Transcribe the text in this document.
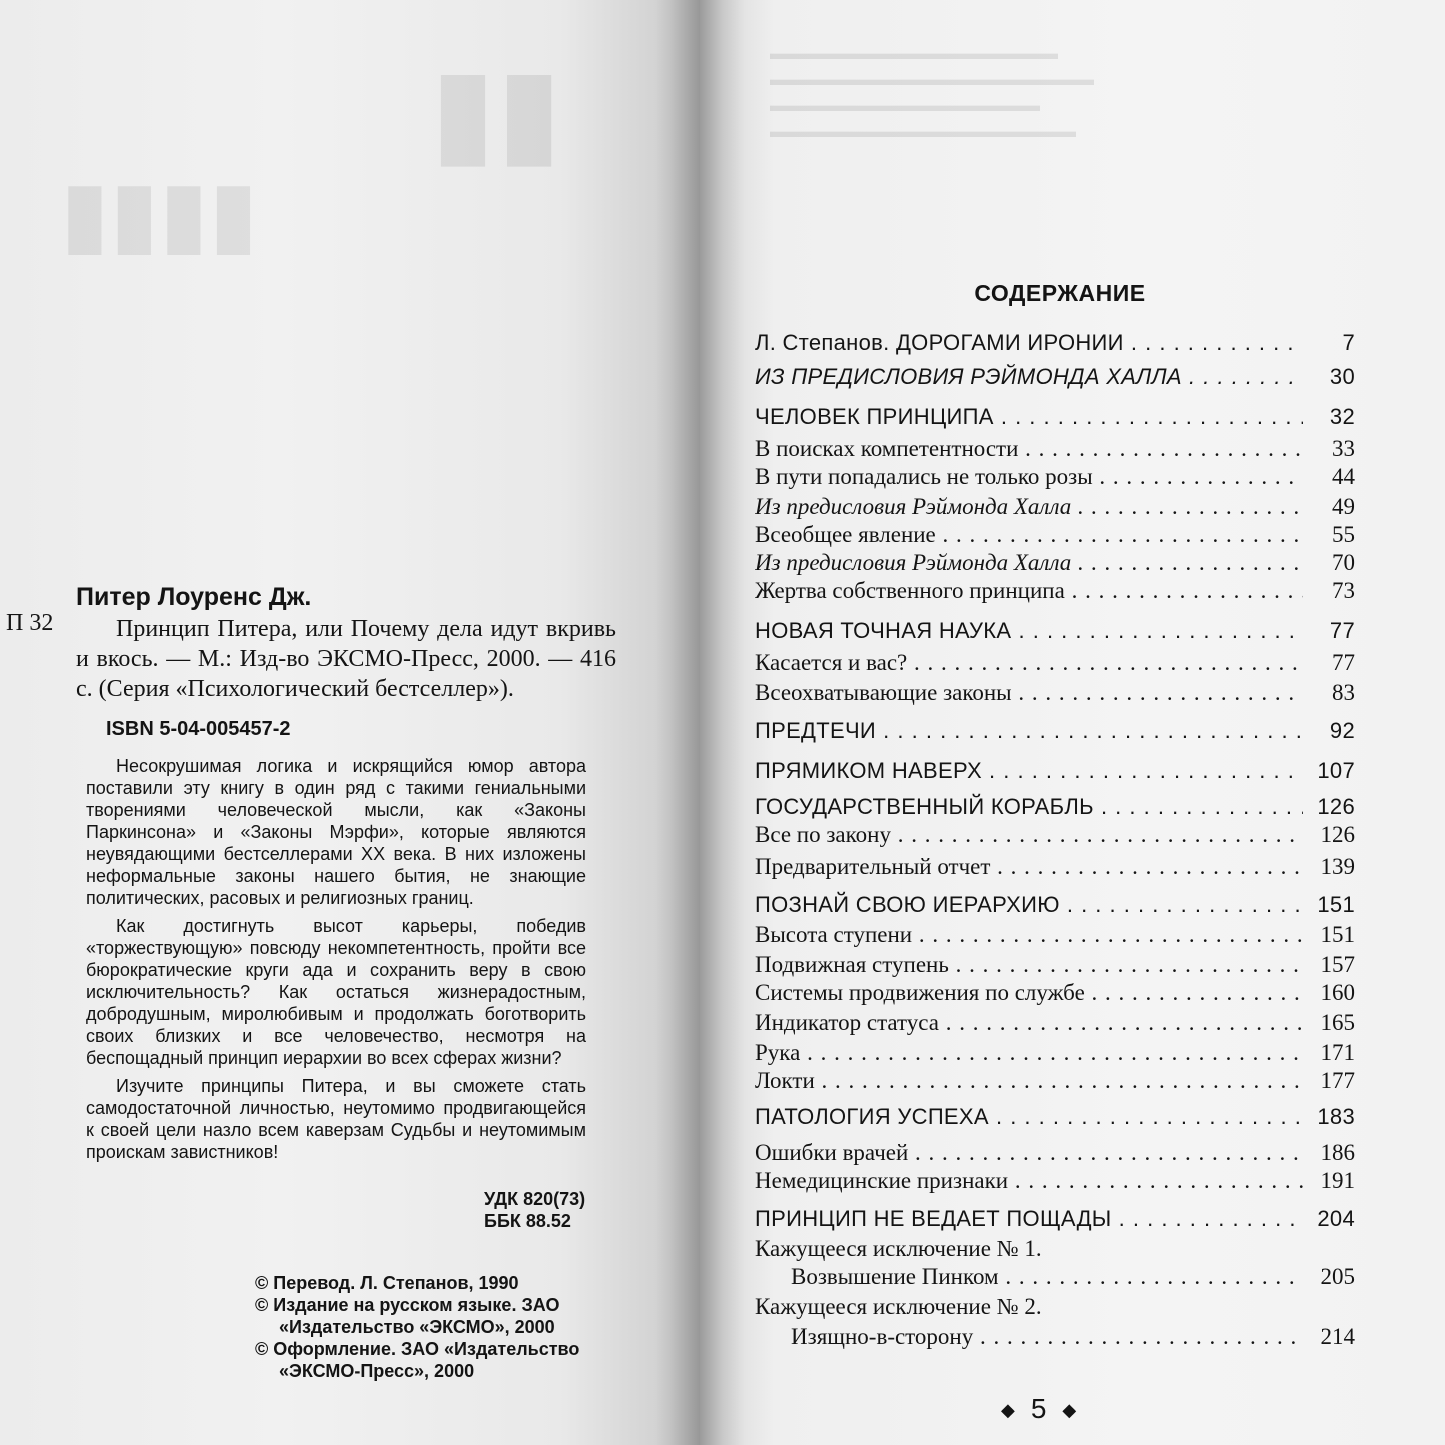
П 32
Питер Лоуренс Дж.

Принцип Питера, или Почему дела идут вкривь и вкось. — М.: Изд-во ЭКСМО-Пресс, 2000. — 416 с. (Серия «Психологический бестселлер»).

ISBN 5-04-005457-2

Несокрушимая логика и искрящийся юмор автора поставили эту книгу в один ряд с такими гениальными творениями человеческой мысли, как «Законы Паркинсона» и «Законы Мэрфи», которые являются неувядающими бестселлерами XX века. В них изложены неформальные законы нашего бытия, не знающие политических, расовых и религиозных границ.

Как достигнуть высот карьеры, победив «торжествующую» повсюду некомпетентность, пройти все бюрократические круги ада и сохранить веру в свою исключительность? Как остаться жизнерадостным, добродушным, миролюбивым и продолжать боготворить своих близких и все человечество, несмотря на беспощадный принцип иерархии во всех сферах жизни?

Изучите принципы Питера, и вы сможете стать самодостаточной личностью, неутомимо продвигающейся к своей цели назло всем каверзам Судьбы и неутомимым проискам завистников!

УДК 820(73)
ББК 88.52
© Перевод. Л. Степанов, 1990
© Издание на русском языке. ЗАО
«Издательство «ЭКСМО», 2000
© Оформление. ЗАО «Издательство
«ЭКСМО-Пресс», 2000
СОДЕРЖАНИЕ
Л. Степанов. ДОРОГАМИ ИРОНИИ . . .	7
ИЗ ПРЕДИСЛОВИЯ РЭЙМОНДА ХАЛЛА . . .	30
ЧЕЛОВЕК ПРИНЦИПА . . .	32
В поисках компетентности . . .	33
В пути попадались не только розы . . .	44
Из предисловия Рэймонда Халла . . .	49
Всеобщее явление . . .	55
Из предисловия Рэймонда Халла . . .	70
Жертва собственного принципа . . .	73
НОВАЯ ТОЧНАЯ НАУКА . . .	77
Касается и вас? . . .	77
Всеохватывающие законы . . .	83
ПРЕДТЕЧИ . . .	92
ПРЯМИКОМ НАВЕРХ . . .	107
ГОСУДАРСТВЕННЫЙ КОРАБЛЬ . . .	126
Все по закону . . .	126
Предварительный отчет . . .	139
ПОЗНАЙ СВОЮ ИЕРАРХИЮ . . .	151
Высота ступени . . .	151
Подвижная ступень . . .	157
Системы продвижения по службе . . .	160
Индикатор статуса . . .	165
Рука . . .	171
Локти . . .	177
ПАТОЛОГИЯ УСПЕХА . . .	183
Ошибки врачей . . .	186
Немедицинские признаки . . .	191
ПРИНЦИП НЕ ВЕДАЕТ ПОЩАДЫ . . .	204
Кажущееся исключение № 1.
Возвышение Пинком . . .	205
Кажущееся исключение № 2.
Изящно-в-сторону . . .	214
◆ 5 ◆
